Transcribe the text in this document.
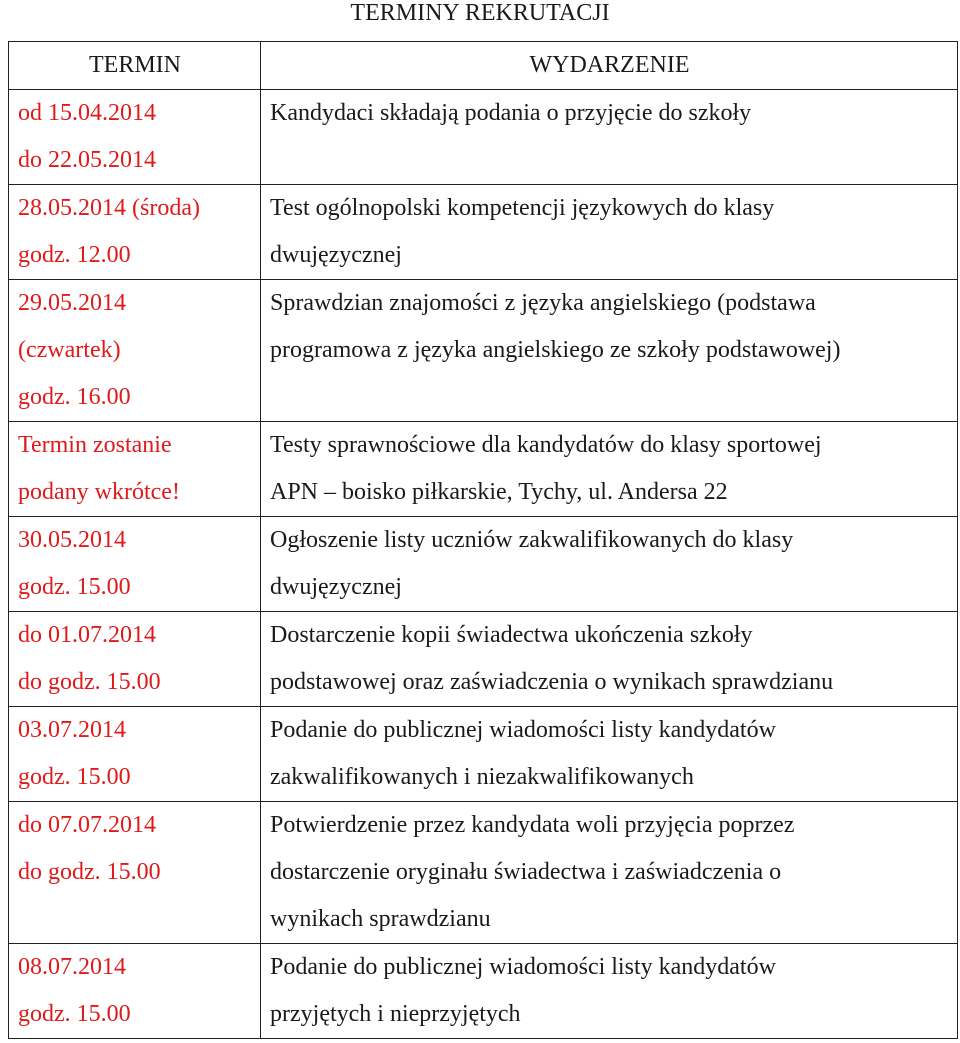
TERMINY REKRUTACJI
TERMIN	WYDARZENIE

od 15.04.2014
do 22.05.2014	Kandydaci składają podania o przyjęcie do szkoły

28.05.2014 (środa)
godz. 12.00	Test ogólnopolski kompetencji językowych do klasy
dwujęzycznej

29.05.2014
(czwartek)
godz. 16.00	Sprawdzian znajomości z języka angielskiego (podstawa
programowa z języka angielskiego ze szkoły podstawowej)

Termin zostanie
podany wkrótce!	Testy sprawnościowe dla kandydatów do klasy sportowej
APN – boisko piłkarskie, Tychy, ul. Andersa 22

30.05.2014
godz. 15.00	Ogłoszenie listy uczniów zakwalifikowanych do klasy
dwujęzycznej

do 01.07.2014
do godz. 15.00	Dostarczenie kopii świadectwa ukończenia szkoły
podstawowej oraz zaświadczenia o wynikach sprawdzianu

03.07.2014
godz. 15.00	Podanie do publicznej wiadomości listy kandydatów
zakwalifikowanych i niezakwalifikowanych

do 07.07.2014
do godz. 15.00	Potwierdzenie przez kandydata woli przyjęcia poprzez
dostarczenie oryginału świadectwa i zaświadczenia o
wynikach sprawdzianu

08.07.2014
godz. 15.00	Podanie do publicznej wiadomości listy kandydatów
przyjętych i nieprzyjętych
